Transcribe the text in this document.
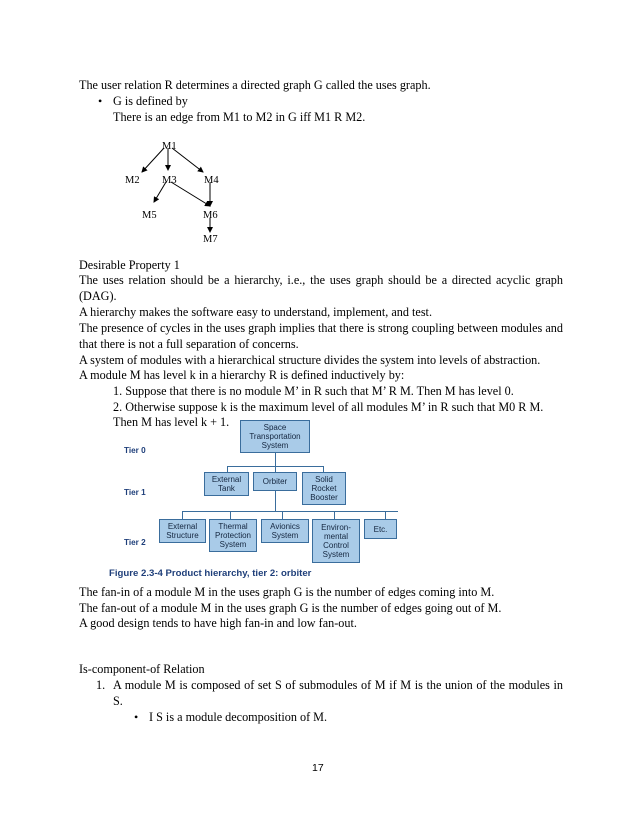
The user relation R determines a directed graph G called the uses graph.
• G is defined by
There is an edge from M1 to M2 in G iff M1 R M2.
M1
M2 M3	M4
M5	M6
M7
Desirable Property 1
The uses relation should be a hierarchy, i.e., the uses graph should be a directed acyclic graph (DAG).
A hierarchy makes the software easy to understand, implement, and test.
The presence of cycles in the uses graph implies that there is strong coupling between modules and that there is not a full separation of concerns.
A system of modules with a hierarchical structure divides the system into levels of abstraction.
A module M has level k in a hierarchy R is defined inductively by:
1. Suppose that there is no module M’ in R such that M’ R M. Then M has level 0.
2. Otherwise suppose k is the maximum level of all modules M’ in R such that M0 R M.
Then M has level k + 1.
Tier 0
Tier 1
Tier 2
Space
Transportation
System
External
Tank
Orbiter	Solid
Rocket
Booster
External
Structure
Thermal
Protection
System
Avionics
System
Environ-
mental
Control
System
Etc.
Figure 2.3-4 Product hierarchy, tier 2: orbiter
The fan-in of a module M in the uses graph G is the number of edges coming into M.
The fan-out of a module M in the uses graph G is the number of edges going out of M.
A good design tends to have high fan-in and low fan-out.
Is-component-of Relation
1. A module M is composed of set S of submodules of M if M is the union of the modules in S.
• I S is a module decomposition of M.
17
